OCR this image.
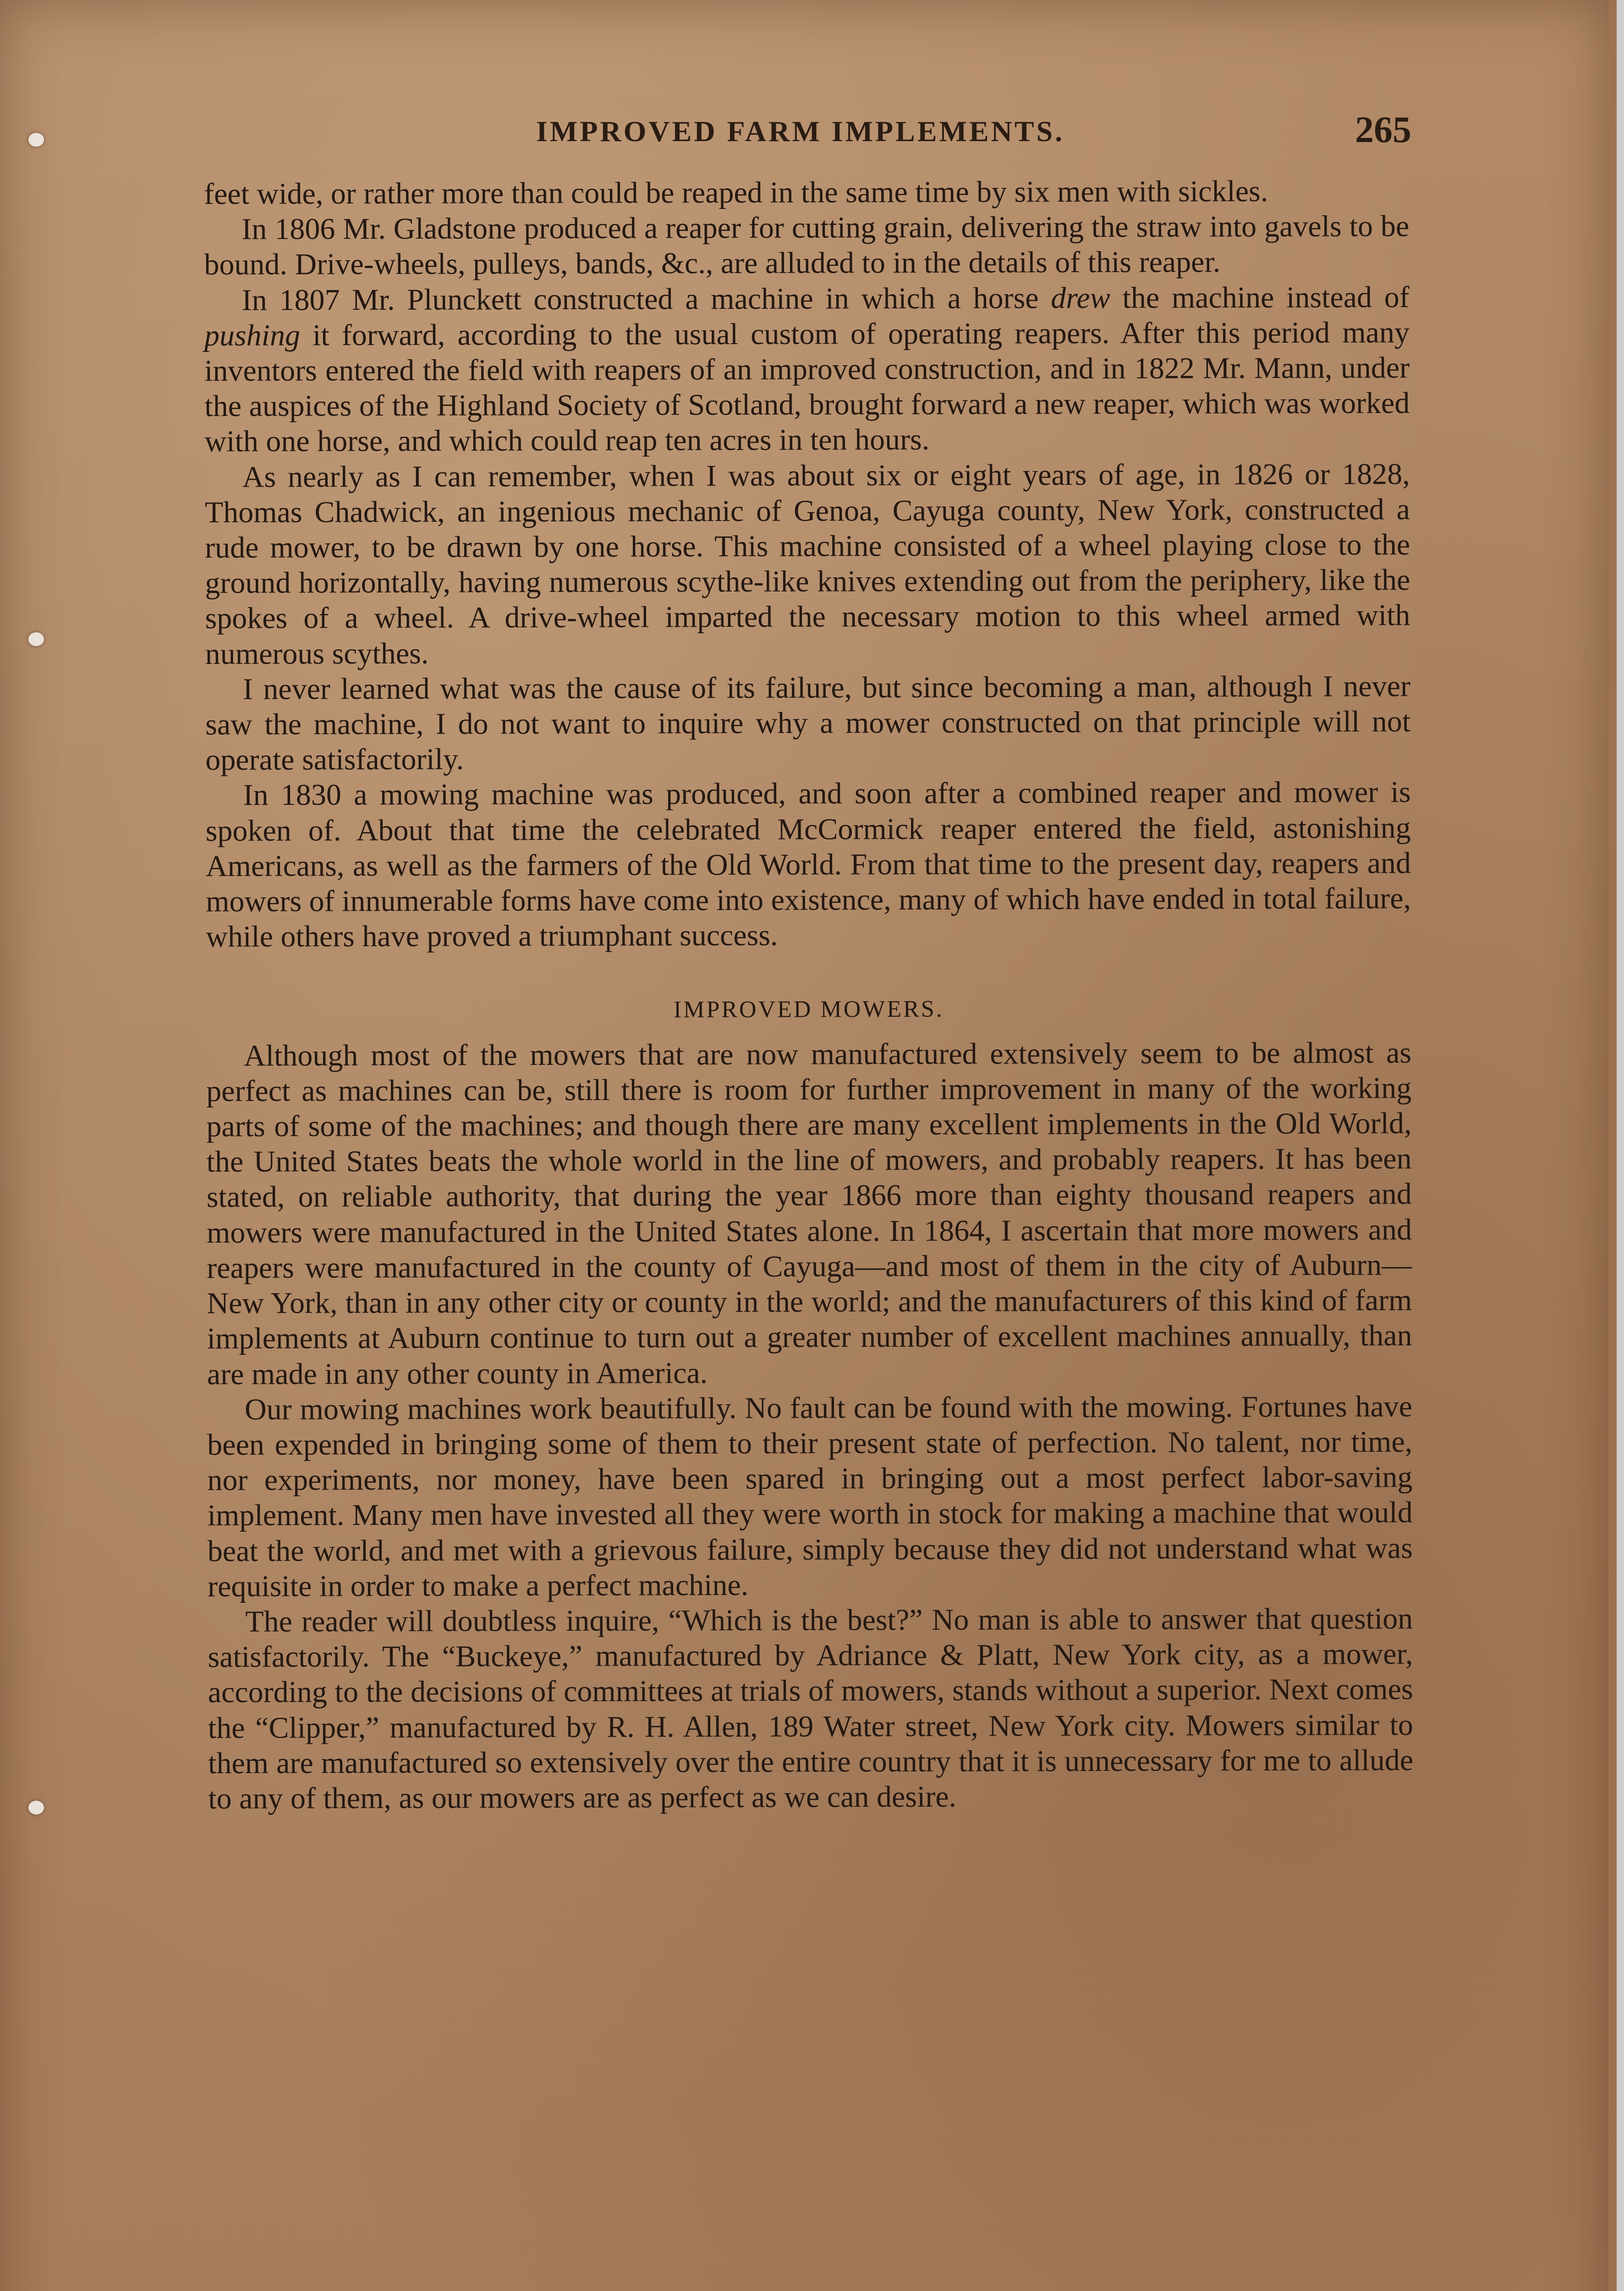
IMPROVED FARM IMPLEMENTS.	265

feet wide, or rather more than could be reaped in the same time by six men with sickles.

In 1806 Mr. Gladstone produced a reaper for cutting grain, delivering the straw into gavels to be bound. Drive-wheels, pulleys, bands, &c., are alluded to in the details of this reaper.

In 1807 Mr. Plunckett constructed a machine in which a horse drew the machine instead of pushing it forward, according to the usual custom of operating reapers. After this period many inventors entered the field with reapers of an improved construction, and in 1822 Mr. Mann, under the auspices of the Highland Society of Scotland, brought forward a new reaper, which was worked with one horse, and which could reap ten acres in ten hours.

As nearly as I can remember, when I was about six or eight years of age, in 1826 or 1828, Thomas Chadwick, an ingenious mechanic of Genoa, Cayuga county, New York, constructed a rude mower, to be drawn by one horse. This machine consisted of a wheel playing close to the ground horizontally, having numerous scythe-like knives extending out from the periphery, like the spokes of a wheel. A drive-wheel imparted the necessary motion to this wheel armed with numerous scythes.

I never learned what was the cause of its failure, but since becoming a man, although I never saw the machine, I do not want to inquire why a mower constructed on that principle will not operate satisfactorily.

In 1830 a mowing machine was produced, and soon after a combined reaper and mower is spoken of. About that time the celebrated McCormick reaper entered the field, astonishing Americans, as well as the farmers of the Old World. From that time to the present day, reapers and mowers of innumerable forms have come into existence, many of which have ended in total failure, while others have proved a triumphant success.

IMPROVED MOWERS.

Although most of the mowers that are now manufactured extensively seem to be almost as perfect as machines can be, still there is room for further improvement in many of the working parts of some of the machines; and though there are many excellent implements in the Old World, the United States beats the whole world in the line of mowers, and probably reapers. It has been stated, on reliable authority, that during the year 1866 more than eighty thousand reapers and mowers were manufactured in the United States alone. In 1864, I ascertain that more mowers and reapers were manufactured in the county of Cayuga—and most of them in the city of Auburn—New York, than in any other city or county in the world; and the manufacturers of this kind of farm implements at Auburn continue to turn out a greater number of excellent machines annually, than are made in any other county in America.

Our mowing machines work beautifully. No fault can be found with the mowing. Fortunes have been expended in bringing some of them to their present state of perfection. No talent, nor time, nor experiments, nor money, have been spared in bringing out a most perfect labor-saving implement. Many men have invested all they were worth in stock for making a machine that would beat the world, and met with a grievous failure, simply because they did not understand what was requisite in order to make a perfect machine.

The reader will doubtless inquire, “Which is the best?” No man is able to answer that question satisfactorily. The “Buckeye,” manufactured by Adriance & Platt, New York city, as a mower, according to the decisions of committees at trials of mowers, stands without a superior. Next comes the “Clipper,” manufactured by R. H. Allen, 189 Water street, New York city. Mowers similar to them are manufactured so extensively over the entire country that it is unnecessary for me to allude to any of them, as our mowers are as perfect as we can desire.
